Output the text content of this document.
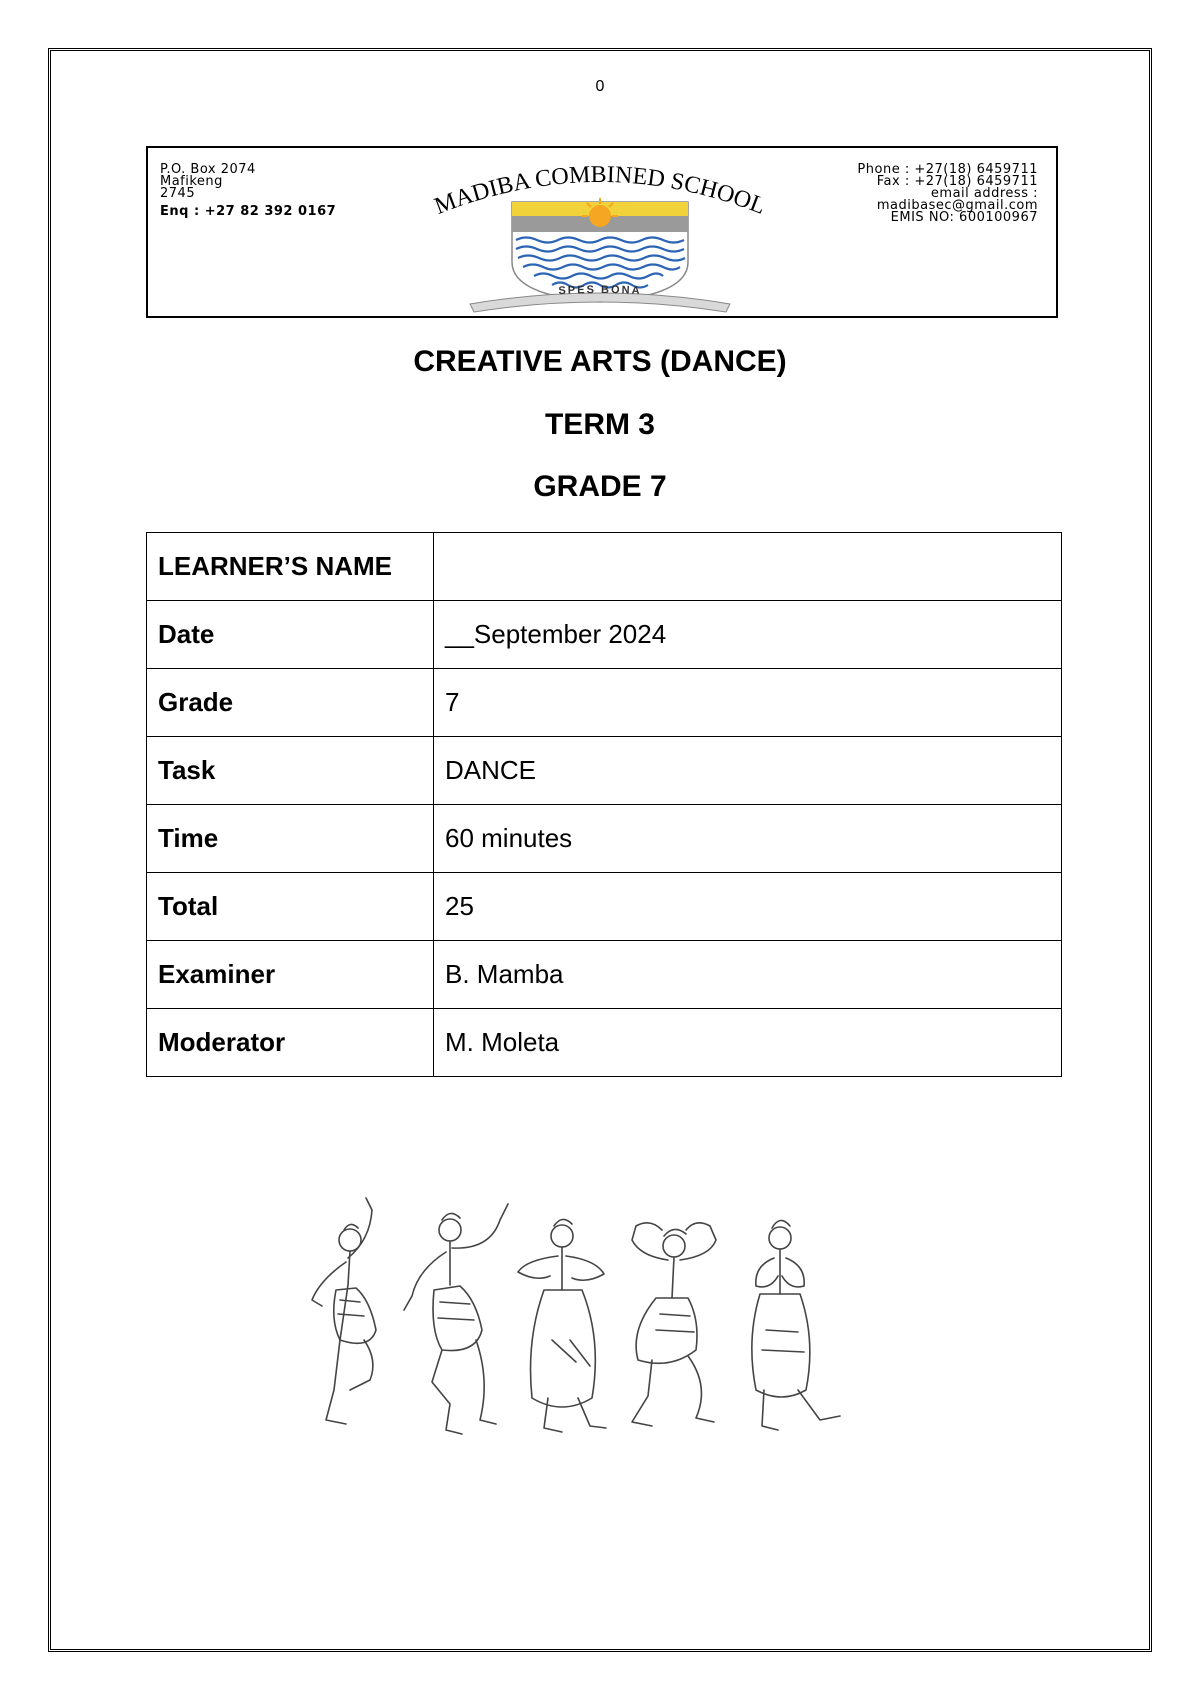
0
P.O. Box 2074
Mafikeng
2745
Enq : +27 82 392 0167	MADIBA COMBINED SCHOOL
SPES BONA
Phone : +27(18) 6459711
Fax : +27(18) 6459711
email address :
madibasec@gmail.com
EMIS NO: 600100967
CREATIVE ARTS (DANCE)
TERM 3
GRADE 7
LEARNER’S NAME	
Date	__September 2024
Grade	7
Task	DANCE
Time	60 minutes
Total	25
Examiner	B. Mamba
Moderator	M. Moleta
